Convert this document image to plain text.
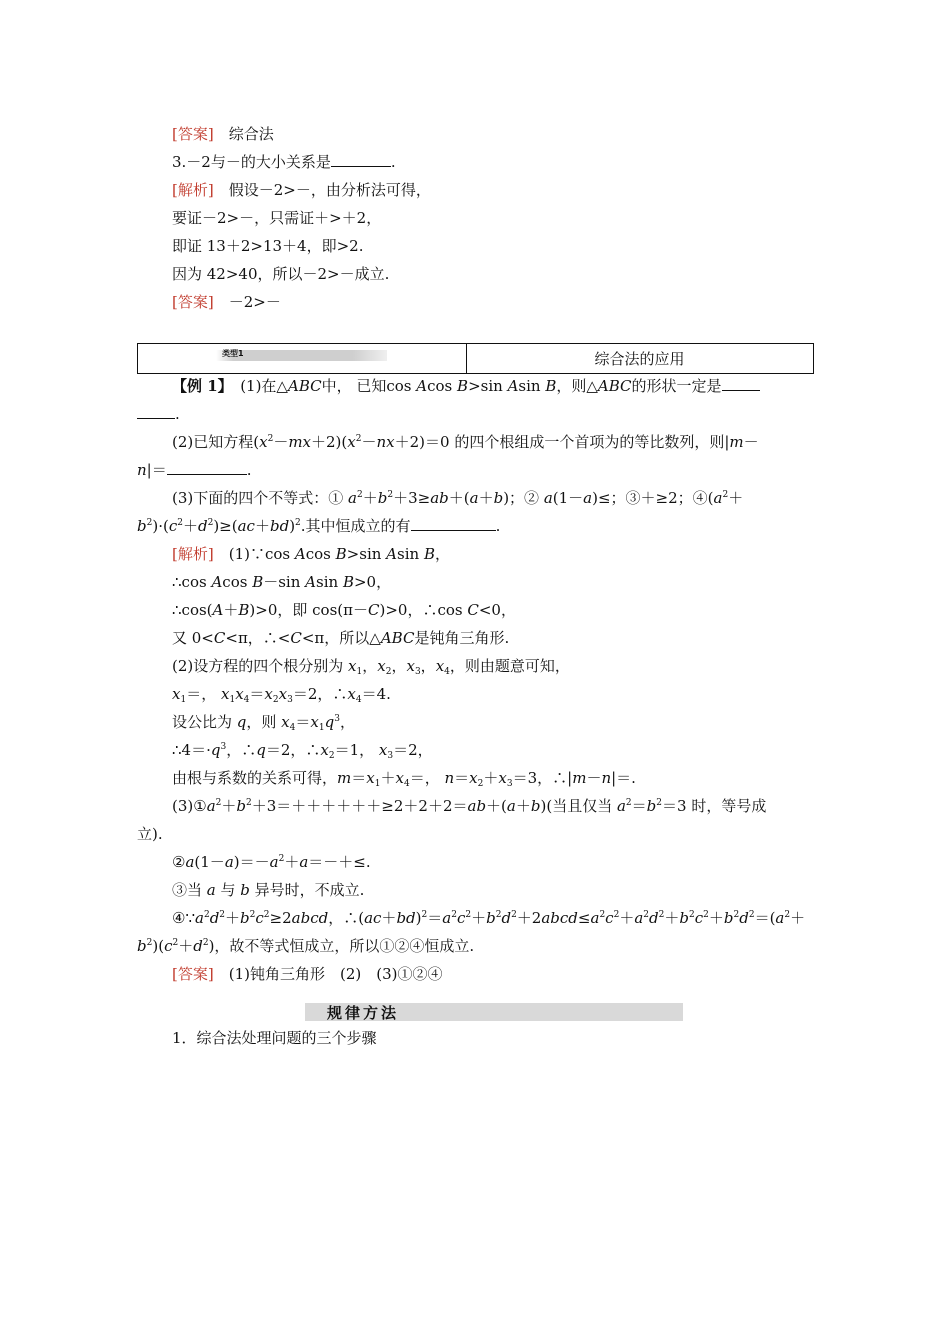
[答案]　 综合法
3.－2与－的大小关系是	.
[解析]　 假设－2>－，由分析法可得，
要证－2>－，只需证＋>＋2，
即证 13＋2>13＋4，即>2.
因为 42>40，所以－2>－成立.
[答案]　 －2>－
类型1	综合法的应用
【例 1】　 (1)在△ABC中， 已知cos Acos B>sin Asin B，则△ABC的形状一定是
.
(2)已知方程$(x^2-mx+2)(x^2-nx+2)=0$ 的四个根组成一个首项为的等比数列，则|m－
n|＝	.
(3)下面的四个不等式：① $a^2+b^2+3\ge ab+(a+b)$；② a(1－a)≤；③＋≥2；$④(a^2+$
$b^2)\cdot(c^2+d^2)\ge(ac+bd)^2$.其中恒成立的有	.
[解析]　 (1)∵cos Acos B>sin Asin B，
∴cos Acos B－sin Asin B>0，
∴cos(A＋B)>0，即 cos(π－C)>0，∴cos C<0，
又 0<C<π，∴<C<π，所以△ABC是钝角三角形.
(2)设方程的四个根分别为 $x_1$，$x_2$，$x_3$，$x_4$，则由题意可知，
$x_1=$， $x_1x_4=x_2x_3=2$，$\therefore x_4=4$.
设公比为 q，则 $x_4=x_1q^3$，
$\therefore 4=\cdot q^3$，∴q＝2，$\therefore x_2=1$， $x_3=2$，
由根与系数的关系可得，$m=x_1+x_4=$， $n=x_2+x_3=3$，∴|m－n|＝.
$(3)①a^2+b^2+3=++++++\ge 2+2+2=ab+(a+b)$(当且仅当 $a^2=b^2=3$ 时，等号成
立).
$②a(1-a)=-a^2+a=-+\le$.
③当 a 与 b 异号时，不成立.
$④\because a^2d^2+b^2c^2\ge 2abcd$，$\therefore(ac+bd)^2=a^2c^2+b^2d^2+2abcd\le a^2c^2+a^2d^2+b^2c^2+b^2d^2=(a^2+$
$b^2)(c^2+d^2)$，故不等式恒成立，所以①②④恒成立.
[答案]　 (1)钝角三角形　(2)　(3)①②④
规律方法
1．综合法处理问题的三个步骤
